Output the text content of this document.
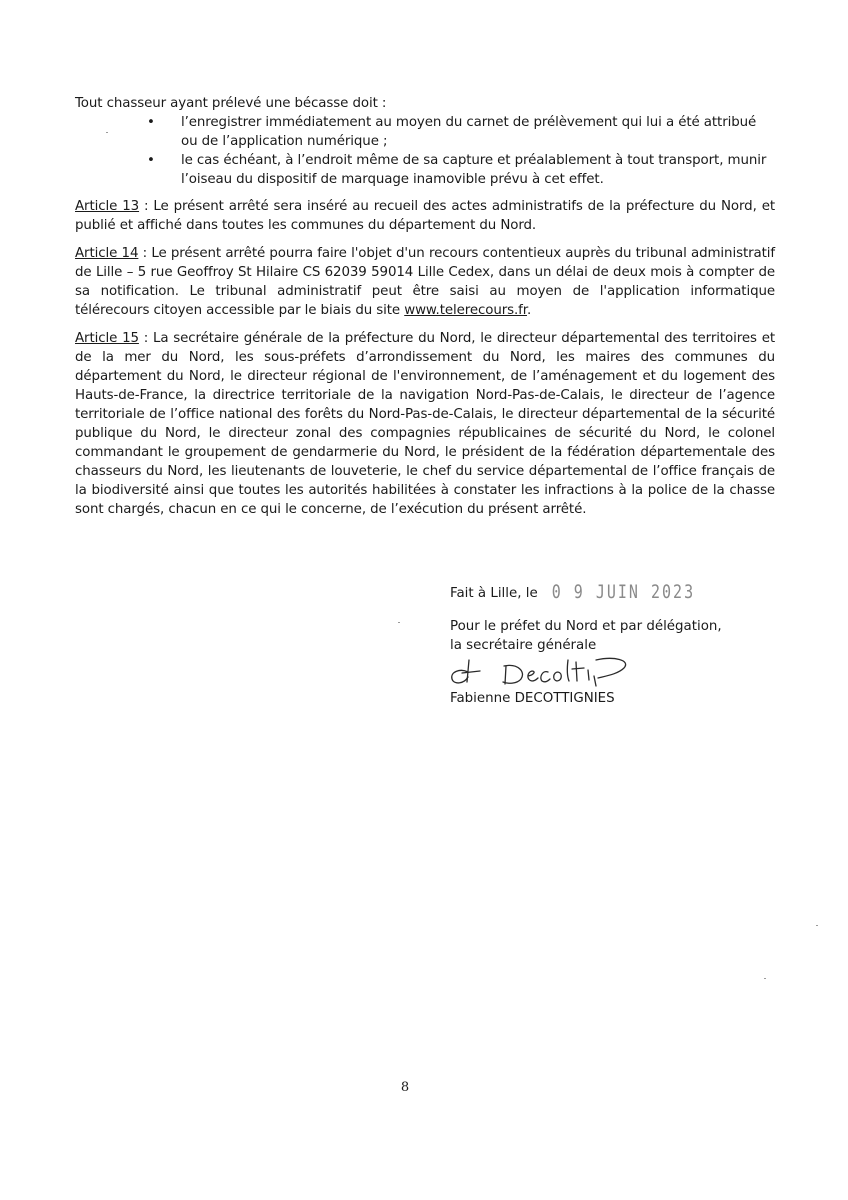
Tout chasseur ayant prélevé une bécasse doit :

• l’enregistrer immédiatement au moyen du carnet de prélèvement qui lui a été attribué ou de l’application numérique ;
• le cas échéant, à l’endroit même de sa capture et préalablement à tout transport, munir l’oiseau du dispositif de marquage inamovible prévu à cet effet.

Article 13 : Le présent arrêté sera inséré au recueil des actes administratifs de la préfecture du Nord, et publié et affiché dans toutes les communes du département du Nord.

Article 14 : Le présent arrêté pourra faire l'objet d'un recours contentieux auprès du tribunal administratif de Lille – 5 rue Geoffroy St Hilaire CS 62039 59014 Lille Cedex, dans un délai de deux mois à compter de sa notification. Le tribunal administratif peut être saisi au moyen de l'application informatique télérecours citoyen accessible par le biais du site www.telerecours.fr.

Article 15 : La secrétaire générale de la préfecture du Nord, le directeur départemental des territoires et de la mer du Nord, les sous-préfets d’arrondissement du Nord, les maires des communes du département du Nord, le directeur régional de l'environnement, de l’aménagement et du logement des Hauts-de-France, la directrice territoriale de la navigation Nord-Pas-de-Calais, le directeur de l’agence territoriale de l’office national des forêts du Nord-Pas-de-Calais, le directeur départemental de la sécurité publique du Nord, le directeur zonal des compagnies républicaines de sécurité du Nord, le colonel commandant le groupement de gendarmerie du Nord, le président de la fédération départementale des chasseurs du Nord, les lieutenants de louveterie, le chef du service départemental de l’office français de la biodiversité ainsi que toutes les autorités habilitées à constater les infractions à la police de la chasse sont chargés, chacun en ce qui le concerne, de l’exécution du présent arrêté.

Fait à Lille, le 0 9 JUIN 2023
Pour le préfet du Nord et par délégation,
la secrétaire générale
Fabienne DECOTTIGNIES
8
